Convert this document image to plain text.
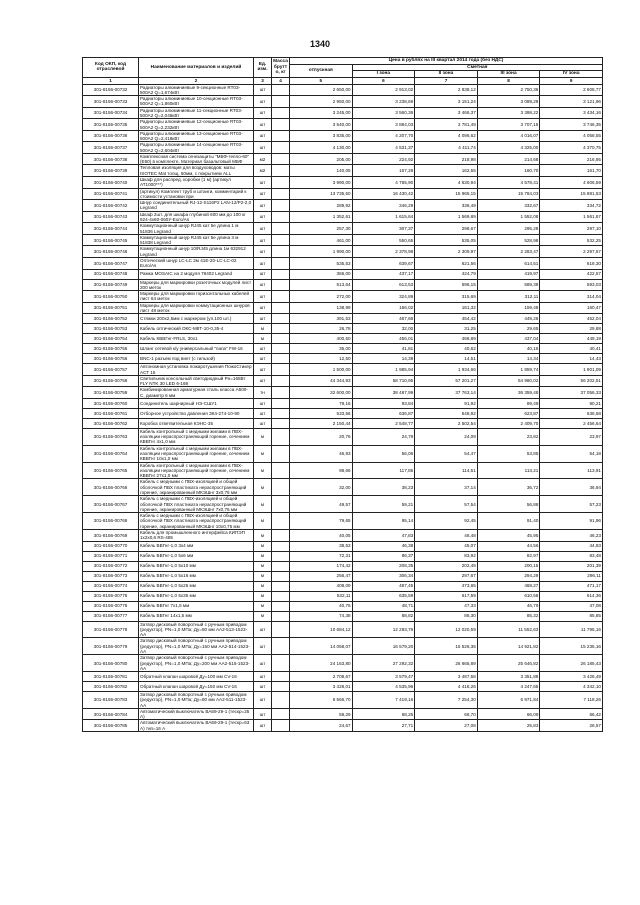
1340
Код ОКП, код отраслевой	Наименование материалов и изделий	Ед. изм.	Масса брутто, кг	Цена в рублях на III квартал 2014 года (без НДС)				
				отпускная	Сметная			
					I зона	II зона	III зона	IV зона
1	2	3	4	5	6	7	8	9
301-8156-00732	Радиаторы алюминиевые 9-секционные RT03-500A2 Q=1,674кВт	шт		2 650,00	2 913,02	2 838,12	2 750,36	2 608,77
301-8156-00733	Радиаторы алюминиевые 10-секционные RT03-500A2 Q=1,860кВт	шт		2 950,00	3 238,69	3 151,24	3 089,29	3 121,96
301-8156-00734	Радиаторы алюминиевые 11-секционные RT03-500A2 Q=2,046кВт	шт		3 245,00	3 560,36	3 466,37	3 398,22	3 434,16
301-8156-00735	Радиаторы алюминиевые 12-секционные RT03-500A2 Q=2,232кВт	шт		3 540,00	3 884,03	3 781,49	3 707,15	3 746,35
301-8156-00736	Радиаторы алюминиевые 13-секционные RT03-500A2 Q=2,418кВт	шт		3 835,00	4 207,70	4 096,62	4 016,07	4 058,55
301-8156-00737	Радиаторы алюминиевые 14-секционные RT03-500A2 Q=2,604кВт	шт		4 130,00	4 531,37	4 411,74	4 325,00	4 370,75
301-8156-00738	Комплексная система огнезащиты "МБФ-тепло-60" (Е60) в комплекте, Материал базальтовый МБФ	м2		205,00	224,92	218,98	214,68	216,95
301-8156-00739	Тепловая изоляция для воздуховодов: маты ISOTEC Mat толщ. 50мм, с покрытием ALL	м2		140,05	167,28	162,55	160,70	161,70
301-8156-00740	Шкаф для распред. коробки (1 м) (артикул AT1000***)	шт		3 990,00	4 765,90	4 630,94	4 578,41	4 606,59
301-8156-00741	(артикул) Комплект труб и штанги, комментарий к стоимости установки при	шт		13 735,50	16 430,42	15 965,15	15 784,03	15 881,53
301-8156-00742	Шнур соединительный RJ-12-S116P2 LAN-12/P2-2,0 Legrand	шт		289,92	346,29	336,49	332,67	334,72
301-8156-00743	Шкаф 2шт. для шкафа глубиной 600 мм до 100 кг 624-4х60-060У-Euro/As	шт		1 352,61	1 615,64	1 569,89	1 552,08	1 561,67
301-8156-00744	Коммутационный шнур RJ45 кат 5е длина 1 м 51836 Legrand	шт		257,30	307,37	298,67	295,28	297,10
301-8156-00745	Коммутационный шнур RJ45 кат 5е длина 3 м 51838 Legrand	шт		461,00	550,65	535,05	528,98	532,25
301-8156-00746	Коммутационный шнур 10/RJ45 длина 1м 632912 Legrand	шт		1 990,00	2 378,98	2 309,97	2 283,47	2 297,57
301-8156-00747	Оптический шнур LC-LC 2м 41E-20-LC-LC-02 Euro/As	шт		535,53	639,67	621,56	614,51	618,30
301-8156-00748	Рамка MOSAIC на 2 модуля 78402 Legrand	шт		366,00	437,17	424,79	419,97	422,57
301-8156-00749	Маркеры для маркировки розеточных модулей лист 200 меток	шт		513,64	613,53	596,15	589,39	593,03
301-8156-00750	Маркеры для маркировки горизонтальных кабелей лист 64 меток	шт		272,00	324,89	315,69	312,11	314,04
301-8156-00751	Маркеры для маркировки коммутационных шнуров лист 48 меток	шт		138,99	166,02	161,32	159,49	160,47
301-8156-00752	Стяжки 200х2,5мм с маркером (уп.100 шт.)	шт		391,53	467,66	454,42	449,26	452,04
301-8156-00753	Кабель оптический ОКС-М8Т-10-0,35-4	м		26,78	32,00	31,25	29,65	29,88
301-8156-00754	Кабель КВВГнг-FRLS, 30x1	м		400,50	456,01	468,89	437,04	449,19
301-8156-00755	Шланг сетевой к/у универсальный "папа" FW-16	шт		35,00	41,81	40,62	40,16	40,41
301-8156-00756	BNC-1 разъем под винт (с гильзой)	шт		12,50	14,39	14,51	14,34	14,43
301-8156-00757	Автономная установка пожаротушения ПожоСтикер ACT 15	шт		1 500,00	1 985,94	1 934,66	1 859,74	1 901,09
301-8156-00758	Светильник консольный светодиодный Рн=165Вт FLY NTK 30 LED 6-168	шт		44 344,93	58 710,95	57 201,27	54 980,02	56 202,51
301-8156-00759	Комбинированная арматурная сталь класса А500-С, диаметр 6 мм	тн		32 600,00	38 467,99	37 763,14	36 359,48	37 056,33
301-8156-00760	Соединитель шарнирный НЭ-СШУ1	шт		79,16	93,84	91,92	89,49	90,21
301-8156-00761	Отборное устройство давления ЗК4-274-10-90	шт		533,56	636,87	548,92	623,87	636,58
301-8156-00762	Коробка ответвительная КЭНС-35	шт		2 150,44	2 548,77	2 502,54	2 409,70	2 456,64
301-8156-00763	Кабель контрольный с медными жилами в ПВХ-изоляции нераспространяющий горение, сечением КВВГнг 4х1,0 мм	м		20,76	24,79	24,09	23,82	23,97
301-8156-00764	Кабель контрольный с медными жилами в ПВХ-изоляции нераспространяющий горение, сечением КВВГнг 10х1,0 мм	м		46,93	56,06	54,47	53,85	54,18
301-8156-00765	Кабель контрольный с медными жилами в ПВХ-изоляции нераспространяющий горение, сечением КВВГнг 27х1,0 мм	м		98,66	117,85	114,51	113,21	113,91
301-8156-00766	Кабель с медными с ПВХ-изоляцией и общей оболочкой ПВХ пластиката нераспространяющий горение, экранированный МКЭШнг 3х0,75 мм	м		32,00	38,23	37,14	36,72	36,94
301-8156-00767	Кабель с медными с ПВХ-изоляцией и общей оболочкой ПВХ пластиката нераспространяющий горение, экранированный МКЭШнг 7х0,75 мм	м		49,57	59,21	57,54	56,88	57,23
301-8156-00768	Кабель с медными с ПВХ-изоляцией и общей оболочкой ПВХ пластиката нераспространяющий горение, экранированный МКЭШнг 10х0,75 мм	м		79,65	95,14	92,45	91,40	91,96
301-8156-00769	Кабель для промышленного интерфейса КИПЭП 1х2х0,6 RS-485	м		40,05	47,83	46,48	45,95	46,23
301-8156-00770	Кабель ВВГнг-1,0 3х4 мм	м		38,53	46,38	45,07	44,56	44,83
301-8156-00771	Кабель ВВГнг-1,0 5х6 мм	м		72,31	86,37	83,92	82,97	83,48
301-8156-00772	Кабель ВВГнг-1,0 5х10 мм	м		174,42	208,35	202,45	200,15	201,39
301-8156-00773	Кабель ВВГнг-1,0 5х16 мм	м		256,47	306,34	297,67	294,29	296,11
301-8156-00774	Кабель ВВГнг-1,0 5х25 мм	м		408,09	487,45	473,65	468,27	471,17
301-8156-00775	Кабель ВВГнг-1,0 5х35 мм	м		532,11	635,59	617,59	610,58	614,36
301-8156-00776	Кабель ВВГнг 7х1,5 мм	м		40,76	48,71	47,33	46,79	47,08
301-8156-00777	Кабель ВВГнг 14х1,5 мм	м		74,38	88,82	86,30	85,32	85,85
301-8156-00778	Затвор дисковый поворотный с ручным приводом (редуктор), PN=1,0 МПа; Ду=80 мм АА2-513-1523-АА	шт		10 684,12	12 293,76	12 020,59	11 552,63	11 795,16
301-8156-00779	Затвор дисковый поворотный с ручным приводом (редуктор), PN=1,0 МПа; Ду=150 мм АА2-514-1523-АА	шт		14 058,07	16 579,20	15 526,36	14 921,82	15 235,16
301-8156-00780	Затвор дисковый поворотный с ручным приводом (редуктор), PN=1,0 МПа; Ду=200 мм АА2-515-1523-АА	шт		24 163,80	27 292,32	26 665,89	25 646,82	26 185,43
301-8156-00781	Обратный клапан шаровой Ду=100 мм CV-16	шт		2 708,67	3 579,47	3 487,58	3 351,88	3 426,49
301-8156-00782	Обратный клапан шаровой Ду=150 мм CV-16	шт		3 428,01	4 535,96	4 418,26	4 247,65	4 342,10
301-8156-00783	Затвор дисковый поворотный с ручным приводом (редуктор), PN=1,0 МПа; Ду=80 мм АА2-511-1523-АА	шт		6 566,70	7 419,16	7 254,30	6 971,84	7 118,26
301-8156-00784	Автоматический выключатель ВА69-29-1 (тескр=25 А)	шт		59,29	68,26	66,70	66,09	66,42
301-8156-00785	Автоматический выключатель ВА69-29-1 (тескр=63 А) тип=16 А	шт		24,67	27,71	27,08	25,83	26,57
